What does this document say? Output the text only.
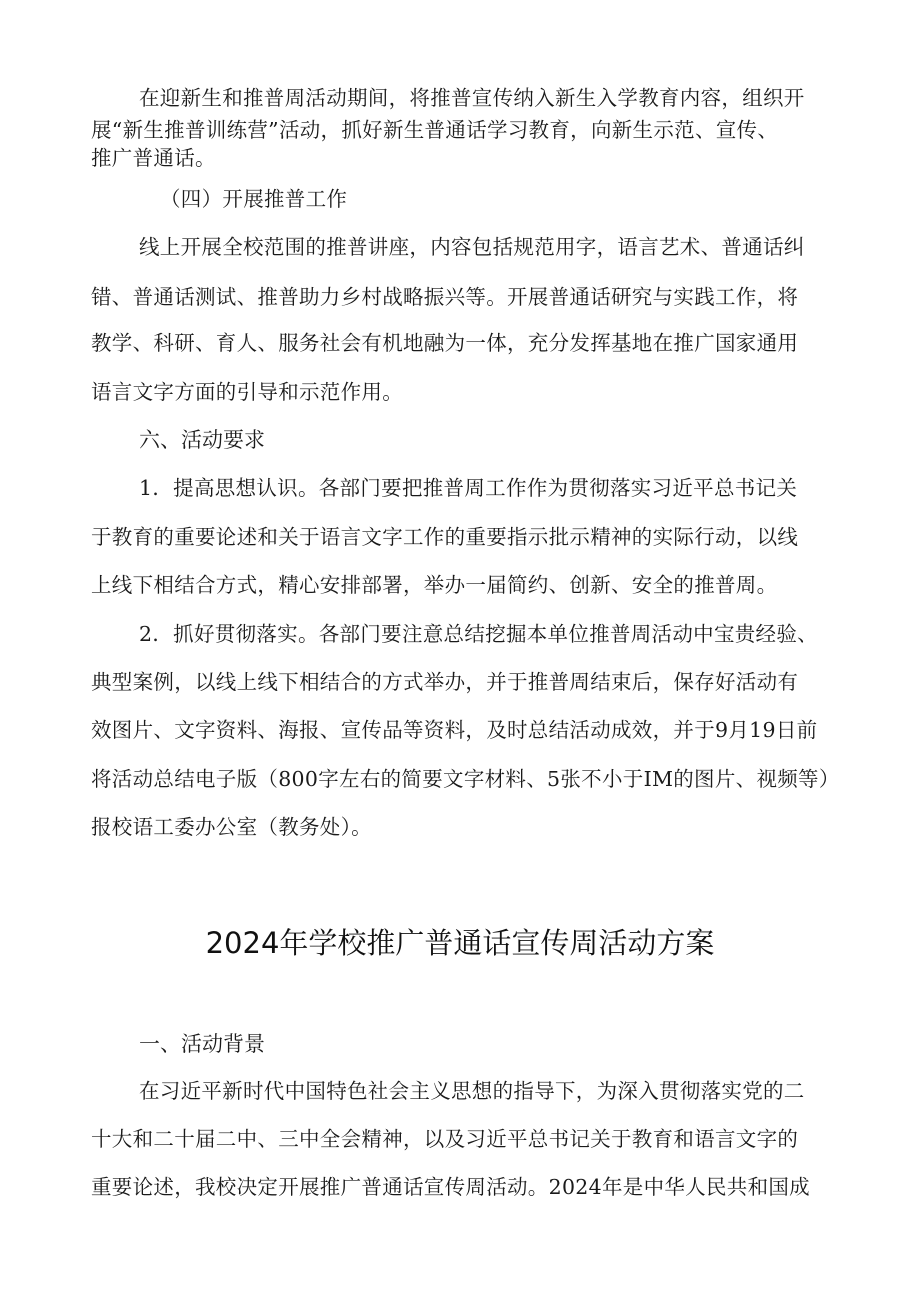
在迎新生和推普周活动期间，将推普宣传纳入新生入学教育内容，组织开
展“新生推普训练营”活动，抓好新生普通话学习教育，向新生示范、宣传、
推广普通话。
（四）开展推普工作
线上开展全校范围的推普讲座，内容包括规范用字，语言艺术、普通话纠
错、普通话测试、推普助力乡村战略振兴等。开展普通话研究与实践工作，将
教学、科研、育人、服务社会有机地融为一体，充分发挥基地在推广国家通用
语言文字方面的引导和示范作用。
六、活动要求
1．提高思想认识。各部门要把推普周工作作为贯彻落实习近平总书记关
于教育的重要论述和关于语言文字工作的重要指示批示精神的实际行动，以线
上线下相结合方式，精心安排部署，举办一届简约、创新、安全的推普周。
2．抓好贯彻落实。各部门要注意总结挖掘本单位推普周活动中宝贵经验、
典型案例，以线上线下相结合的方式举办，并于推普周结束后，保存好活动有
效图片、文字资料、海报、宣传品等资料，及时总结活动成效，并于9月19日前
将活动总结电子版（800字左右的简要文字材料、5张不小于IM的图片、视频等）
报校语工委办公室（教务处）。
2024年学校推广普通话宣传周活动方案
一、活动背景
在习近平新时代中国特色社会主义思想的指导下，为深入贯彻落实党的二
十大和二十届二中、三中全会精神，以及习近平总书记关于教育和语言文字的
重要论述，我校决定开展推广普通话宣传周活动。2024年是中华人民共和国成
